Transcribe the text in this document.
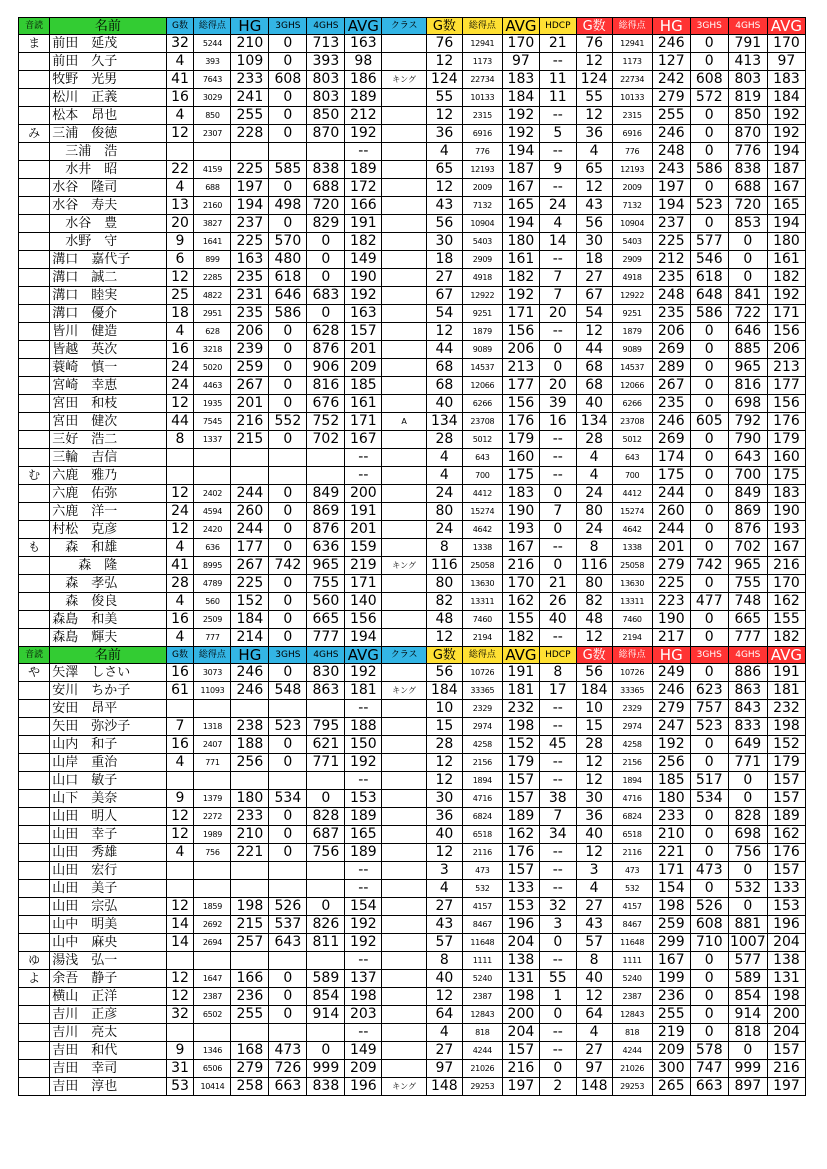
音読	名前	G数	総得点	HG	3GHS	4GHS	AVG	クラス	G数	総得点	AVG	HDCP	G数	総得点	HG	3GHS	4GHS	AVG
ま	前田　延茂	32	5244	210	0	713	163		76	12941	170	21	76	12941	246	0	791	170
	前田　久子	4	393	109	0	393	98		12	1173	97	--	12	1173	127	0	413	97
	牧野　光男	41	7643	233	608	803	186	キング	124	22734	183	11	124	22734	242	608	803	183
	松川　正義	16	3029	241	0	803	189		55	10133	184	11	55	10133	279	572	819	184
	松本　昂也	4	850	255	0	850	212		12	2315	192	--	12	2315	255	0	850	192
み	三浦　俊徳	12	2307	228	0	870	192		36	6916	192	5	36	6916	246	0	870	192
	　三浦　浩						--		4	776	194	--	4	776	248	0	776	194
	　水井　昭	22	4159	225	585	838	189		65	12193	187	9	65	12193	243	586	838	187
	水谷　隆司	4	688	197	0	688	172		12	2009	167	--	12	2009	197	0	688	167
	水谷　寿夫	13	2160	194	498	720	166		43	7132	165	24	43	7132	194	523	720	165
	　水谷　豊	20	3827	237	0	829	191		56	10904	194	4	56	10904	237	0	853	194
	　水野　守	9	1641	225	570	0	182		30	5403	180	14	30	5403	225	577	0	180
	溝口　嘉代子	6	899	163	480	0	149		18	2909	161	--	18	2909	212	546	0	161
	溝口　誠二	12	2285	235	618	0	190		27	4918	182	7	27	4918	235	618	0	182
	溝口　睦実	25	4822	231	646	683	192		67	12922	192	7	67	12922	248	648	841	192
	溝口　優介	18	2951	235	586	0	163		54	9251	171	20	54	9251	235	586	722	171
	皆川　健造	4	628	206	0	628	157		12	1879	156	--	12	1879	206	0	646	156
	皆越　英次	16	3218	239	0	876	201		44	9089	206	0	44	9089	269	0	885	206
	蓑崎　慎一	24	5020	259	0	906	209		68	14537	213	0	68	14537	289	0	965	213
	宮崎　幸恵	24	4463	267	0	816	185		68	12066	177	20	68	12066	267	0	816	177
	宮田　和枝	12	1935	201	0	676	161		40	6266	156	39	40	6266	235	0	698	156
	宮田　健次	44	7545	216	552	752	171	A	134	23708	176	16	134	23708	246	605	792	176
	三好　浩二	8	1337	215	0	702	167		28	5012	179	--	28	5012	269	0	790	179
	三輪　吉信						--		4	643	160	--	4	643	174	0	643	160
む	六鹿　雅乃						--		4	700	175	--	4	700	175	0	700	175
	六鹿　佑弥	12	2402	244	0	849	200		24	4412	183	0	24	4412	244	0	849	183
	六鹿　洋一	24	4594	260	0	869	191		80	15274	190	7	80	15274	260	0	869	190
	村松　克彦	12	2420	244	0	876	201		24	4642	193	0	24	4642	244	0	876	193
も	　森　和雄	4	636	177	0	636	159		8	1338	167	--	8	1338	201	0	702	167
	　　森　隆	41	8995	267	742	965	219	キング	116	25058	216	0	116	25058	279	742	965	216
	　森　孝弘	28	4789	225	0	755	171		80	13630	170	21	80	13630	225	0	755	170
	　森　俊良	4	560	152	0	560	140		82	13311	162	26	82	13311	223	477	748	162
	森島　和美	16	2509	184	0	665	156		48	7460	155	40	48	7460	190	0	665	155
	森島　輝夫	4	777	214	0	777	194		12	2194	182	--	12	2194	217	0	777	182
音読	名前	G数	総得点	HG	3GHS	4GHS	AVG	クラス	G数	総得点	AVG	HDCP	G数	総得点	HG	3GHS	4GHS	AVG
や	矢澤　しさい	16	3073	246	0	830	192		56	10726	191	8	56	10726	249	0	886	191
	安川　ちか子	61	11093	246	548	863	181	キング	184	33365	181	17	184	33365	246	623	863	181
	安田　昂平						--		10	2329	232	--	10	2329	279	757	843	232
	矢田　弥沙子	7	1318	238	523	795	188		15	2974	198	--	15	2974	247	523	833	198
	山内　和子	16	2407	188	0	621	150		28	4258	152	45	28	4258	192	0	649	152
	山岸　重治	4	771	256	0	771	192		12	2156	179	--	12	2156	256	0	771	179
	山口　敏子						--		12	1894	157	--	12	1894	185	517	0	157
	山下　美奈	9	1379	180	534	0	153		30	4716	157	38	30	4716	180	534	0	157
	山田　明人	12	2272	233	0	828	189		36	6824	189	7	36	6824	233	0	828	189
	山田　幸子	12	1989	210	0	687	165		40	6518	162	34	40	6518	210	0	698	162
	山田　秀雄	4	756	221	0	756	189		12	2116	176	--	12	2116	221	0	756	176
	山田　宏行						--		3	473	157	--	3	473	171	473	0	157
	山田　美子						--		4	532	133	--	4	532	154	0	532	133
	山田　宗弘	12	1859	198	526	0	154		27	4157	153	32	27	4157	198	526	0	153
	山中　明美	14	2692	215	537	826	192		43	8467	196	3	43	8467	259	608	881	196
	山中　麻央	14	2694	257	643	811	192		57	11648	204	0	57	11648	299	710	1007	204
ゆ	湯浅　弘一						--		8	1111	138	--	8	1111	167	0	577	138
よ	余吾　静子	12	1647	166	0	589	137		40	5240	131	55	40	5240	199	0	589	131
	横山　正洋	12	2387	236	0	854	198		12	2387	198	1	12	2387	236	0	854	198
	吉川　正彦	32	6502	255	0	914	203		64	12843	200	0	64	12843	255	0	914	200
	吉川　亮太						--		4	818	204	--	4	818	219	0	818	204
	吉田　和代	9	1346	168	473	0	149		27	4244	157	--	27	4244	209	578	0	157
	吉田　幸司	31	6506	279	726	999	209		97	21026	216	0	97	21026	300	747	999	216
	吉田　淳也	53	10414	258	663	838	196	キング	148	29253	197	2	148	29253	265	663	897	197
